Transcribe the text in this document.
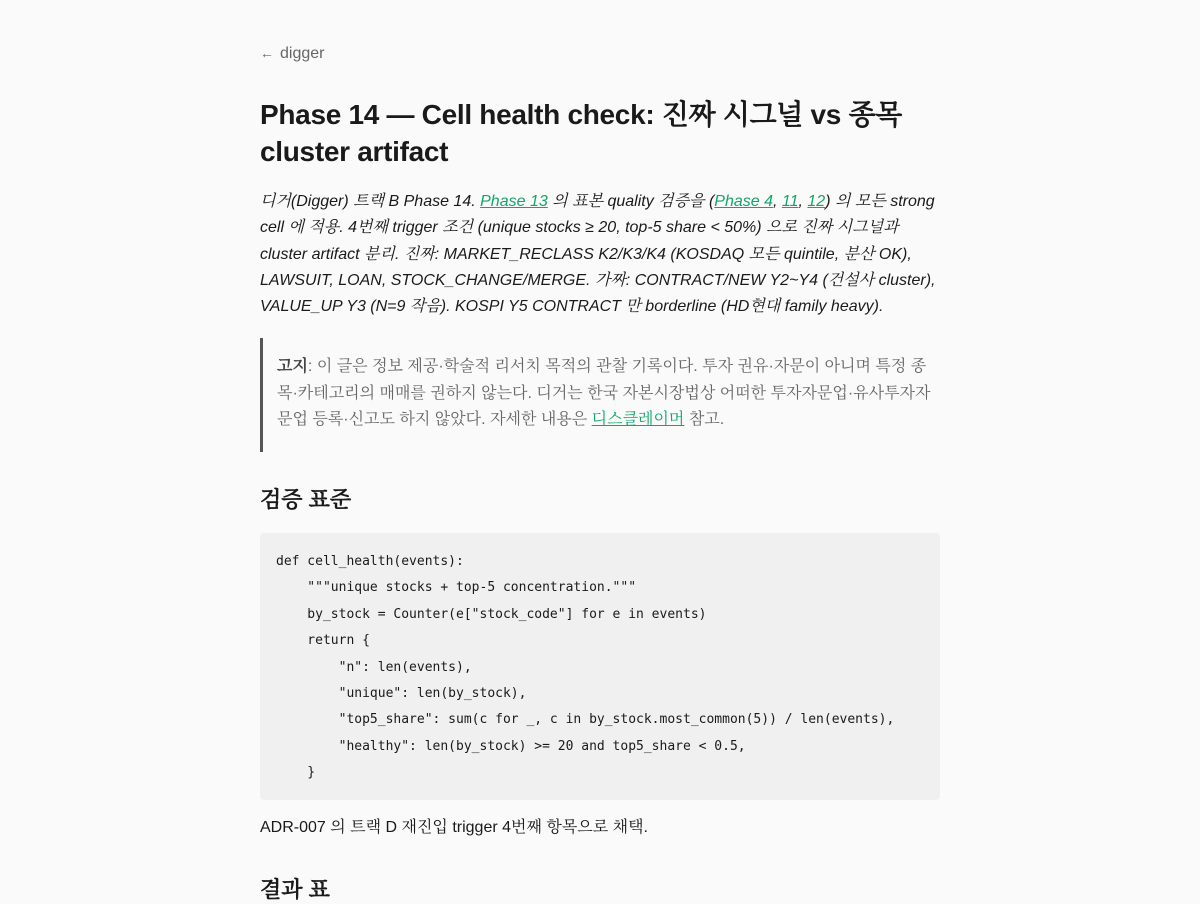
← digger
Phase 14 — Cell health check: 진짜 시그널 vs 종목 cluster artifact

디거(Digger) 트랙 B Phase 14. Phase 13 의 표본 quality 검증을 (Phase 4, 11, 12) 의 모든 strong cell 에 적용. 4번째 trigger 조건 (unique stocks ≥ 20, top-5 share < 50%) 으로 진짜 시그널과 cluster artifact 분리. 진짜: MARKET_RECLASS K2/K3/K4 (KOSDAQ 모든 quintile, 분산 OK), LAWSUIT, LOAN, STOCK_CHANGE/MERGE. 가짜: CONTRACT/NEW Y2~Y4 (건설사 cluster), VALUE_UP Y3 (N=9 작음). KOSPI Y5 CONTRACT 만 borderline (HD현대 family heavy).

고지: 이 글은 정보 제공·학술적 리서치 목적의 관찰 기록이다. 투자 권유·자문이 아니며 특정 종목·카테고리의 매매를 권하지 않는다. 디거는 한국 자본시장법상 어떠한 투자자문업·유사투자자문업 등록·신고도 하지 않았다. 자세한 내용은 디스클레이머 참고.
검증 표준
def cell_health(events):
"""unique stocks + top-5 concentration."""
by_stock = Counter(e["stock_code"] for e in events)
return {
"n": len(events),
"unique": len(by_stock),
"top5_share": sum(c for _, c in by_stock.most_common(5)) / len(events),
"healthy": len(by_stock) >= 20 and top5_share < 0.5,
}

ADR-007 의 트랙 D 재진입 trigger 4번째 항목으로 채택.

결과 표
